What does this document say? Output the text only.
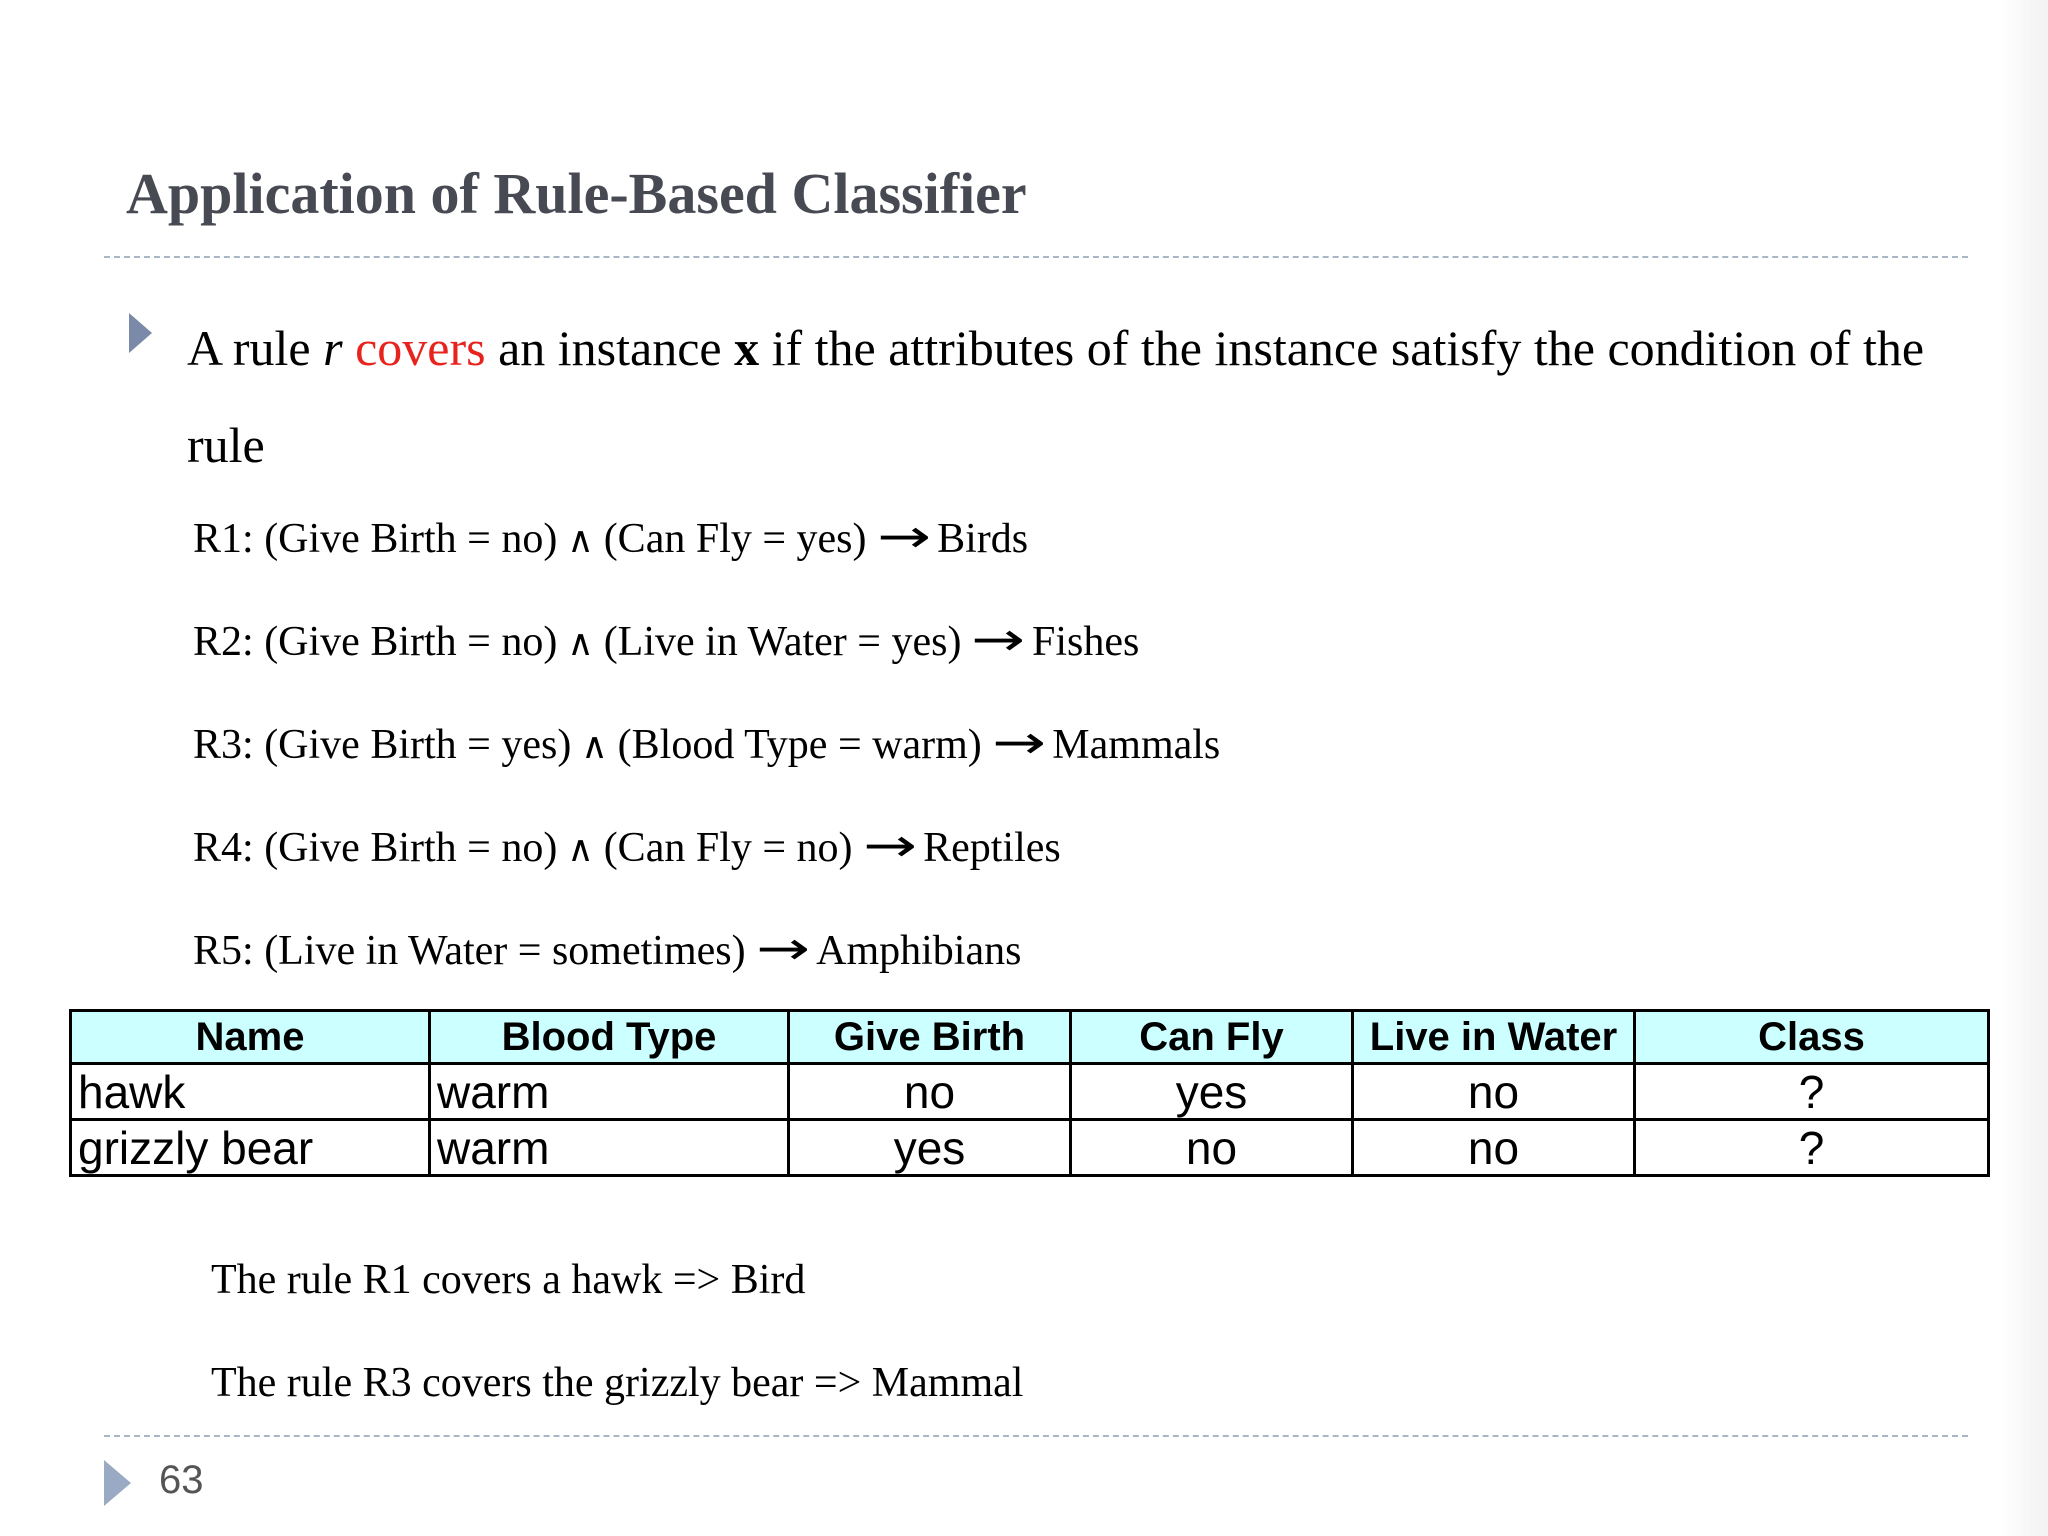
Application of Rule-Based Classifier

A rule r covers an instance x if the attributes of the instance satisfy the condition of the rule

R1: (Give Birth = no) ∧ (Can Fly = yes) → Birds
R2: (Give Birth = no) ∧ (Live in Water = yes) → Fishes
R3: (Give Birth = yes) ∧ (Blood Type = warm) → Mammals
R4: (Give Birth = no) ∧ (Can Fly = no) → Reptiles
R5: (Live in Water = sometimes) → Amphibians
Name	Blood Type	Give Birth	Can Fly	Live in Water	Class
hawk	warm	no	yes	no	?
grizzly bear	warm	yes	no	no	?
The rule R1 covers a hawk => Bird
The rule R3 covers the grizzly bear => Mammal
63
